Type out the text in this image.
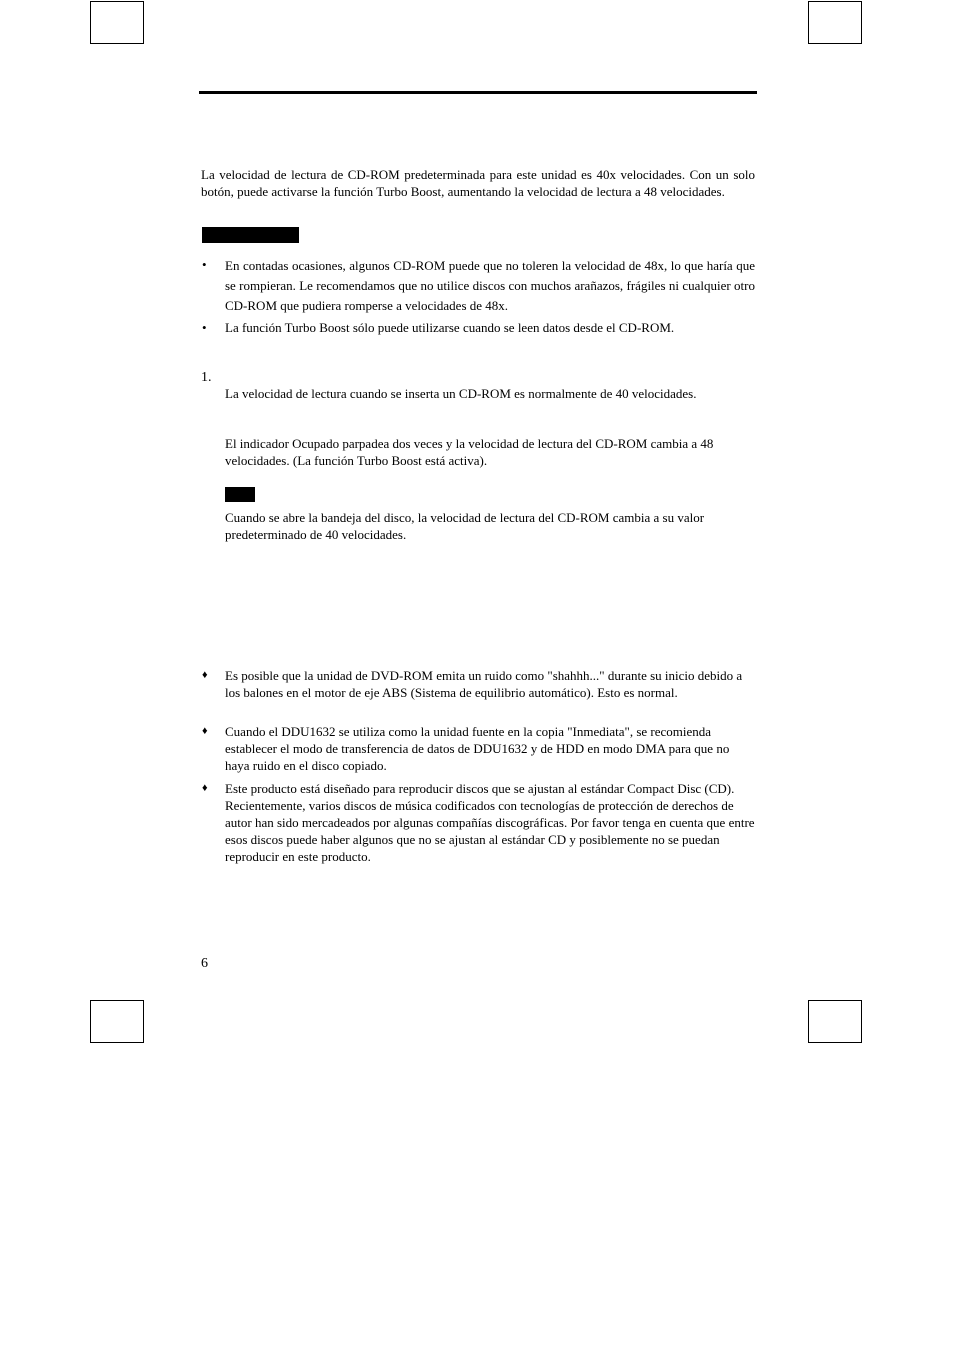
La velocidad de lectura de CD-ROM predeterminada para este unidad es 40x velocidades. Con un solo botón, puede activarse la función Turbo Boost, aumentando la velocidad de lectura a 48 velocidades.

• En contadas ocasiones, algunos CD-ROM puede que no toleren la velocidad de 48x, lo que haría que se rompieran. Le recomendamos que no utilice discos con muchos arañazos, frágiles ni cualquier otro CD-ROM que pudiera romperse a velocidades de 48x.

• La función Turbo Boost sólo puede utilizarse cuando se leen datos desde el CD-ROM.

1.

La velocidad de lectura cuando se inserta un CD-ROM es normalmente de 40 velocidades.

El indicador Ocupado parpadea dos veces y la velocidad de lectura del CD-ROM cambia a 48 velocidades. (La función Turbo Boost está activa).

Cuando se abre la bandeja del disco, la velocidad de lectura del CD-ROM cambia a su valor predeterminado de 40 velocidades.

♦ Es posible que la unidad de DVD-ROM emita un ruido como "shahhh..." durante su inicio debido a los balones en el motor de eje ABS (Sistema de equilibrio automático). Esto es normal.

♦ Cuando el DDU1632 se utiliza como la unidad fuente en la copia "Inmediata", se recomienda establecer el modo de transferencia de datos de DDU1632 y de HDD en modo DMA para que no haya ruido en el disco copiado.

♦ Este producto está diseñado para reproducir discos que se ajustan al estándar Compact Disc (CD). Recientemente, varios discos de música codificados con tecnologías de protección de derechos de autor han sido mercadeados por algunas compañías discográficas. Por favor tenga en cuenta que entre esos discos puede haber algunos que no se ajustan al estándar CD y posiblemente no se puedan reproducir en este producto.

6
